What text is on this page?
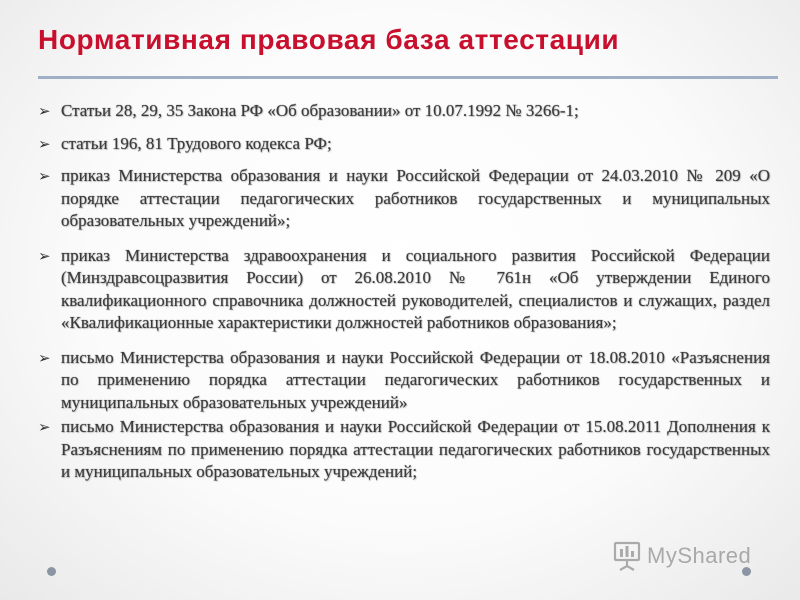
Нормативная правовая база аттестации
➢ Статьи 28, 29, 35 Закона РФ «Об образовании» от 10.07.1992 № 3266-1;
➢ статьи 196, 81 Трудового кодекса РФ;
➢ приказ Министерства образования и науки Российской Федерации от 24.03.2010 № 209 «О порядке аттестации педагогических работников государственных и муниципальных образовательных учреждений»;
➢ приказ Министерства здравоохранения и социального развития Российской Федерации (Минздравсоцразвития России) от 26.08.2010 № 761н «Об утверждении Единого квалификационного справочника должностей руководителей, специалистов и служащих, раздел «Квалификационные характеристики должностей работников образования»;
➢ письмо Министерства образования и науки Российской Федерации от 18.08.2010 «Разъяснения по применению порядка аттестации педагогических работников государственных и муниципальных образовательных учреждений»
➢ письмо Министерства образования и науки Российской Федерации от 15.08.2011 Дополнения к Разъяснениям по применению порядка аттестации педагогических работников государственных и муниципальных образовательных учреждений;
MyShared
